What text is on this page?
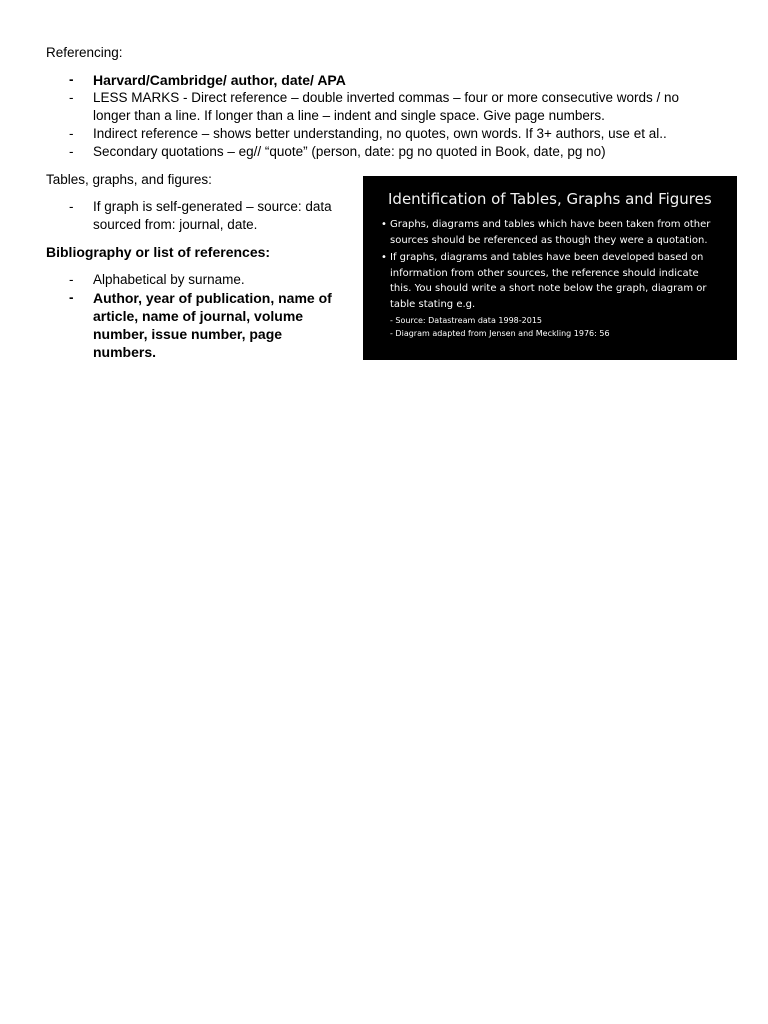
Referencing:

-	Harvard/Cambridge/ author, date/ APA
-	LESS MARKS - Direct reference – double inverted commas – four or more consecutive words / no longer than a line. If longer than a line – indent and single space. Give page numbers.
-	Indirect reference – shows better understanding, no quotes, own words. If 3+ authors, use et al..
-	Secondary quotations – eg// “quote” (person, date: pg no quoted in Book, date, pg no)

Tables, graphs, and figures:

-	If graph is self-generated – source: data sourced from: journal, date.

Bibliography or list of references:

-	Alphabetical by surname.
-	Author, year of publication, name of article, name of journal, volume number, issue number, page numbers.

Identification of Tables, Graphs and Figures

• Graphs, diagrams and tables which have been taken from other sources should be referenced as though they were a quotation.
• If graphs, diagrams and tables have been developed based on information from other sources, the reference should indicate this. You should write a short note below the graph, diagram or table stating e.g.
- Source: Datastream data 1998-2015
- Diagram adapted from Jensen and Meckling 1976: 56
